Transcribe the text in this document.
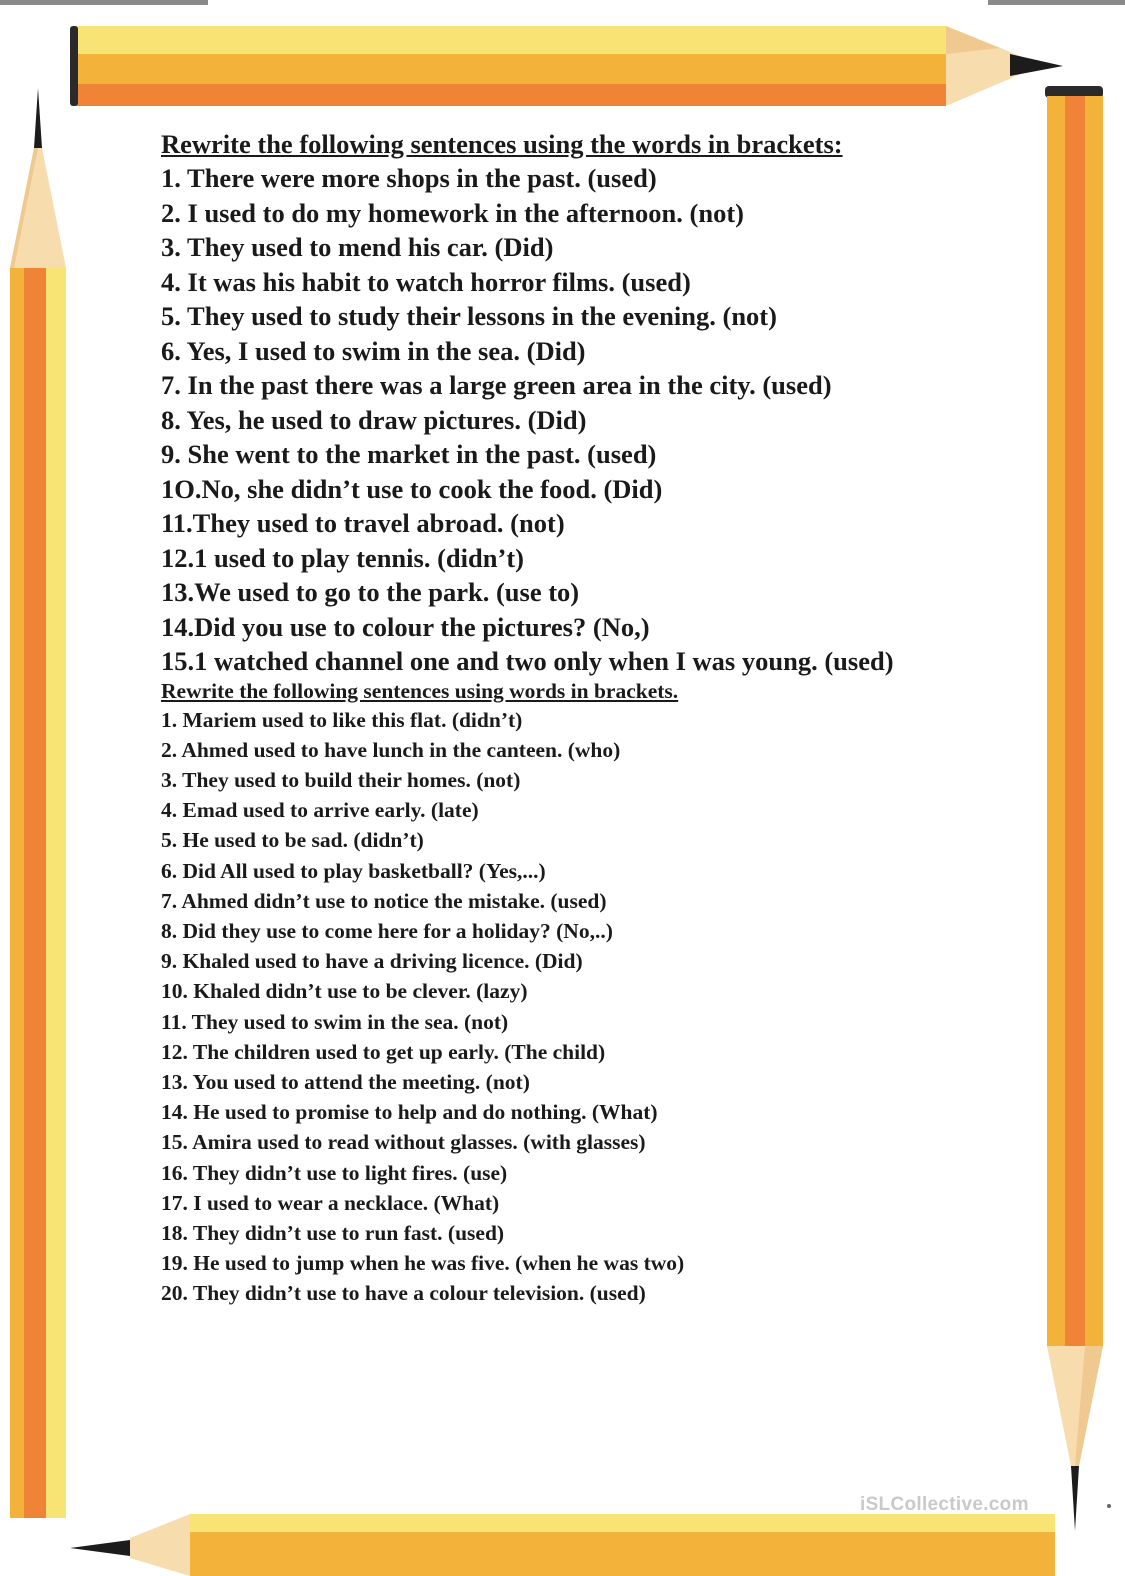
Rewrite the following sentences using the words in brackets:

1. There were more shops in the past. (used)
2. I used to do my homework in the afternoon. (not)
3. They used to mend his car. (Did)
4. It was his habit to watch horror films. (used)
5. They used to study their lessons in the evening. (not)
6. Yes, I used to swim in the sea. (Did)
7. In the past there was a large green area in the city. (used)
8. Yes, he used to draw pictures. (Did)
9. She went to the market in the past. (used)
1O.No, she didn’t use to cook the food. (Did)
11.They used to travel abroad. (not)
12.1 used to play tennis. (didn’t)
13.We used to go to the park. (use to)
14.Did you use to colour the pictures? (No,)
15.1 watched channel one and two only when I was young. (used)

Rewrite the following sentences using words in brackets.

1. Mariem used to like this flat. (didn’t)
2. Ahmed used to have lunch in the canteen. (who)
3. They used to build their homes. (not)
4. Emad used to arrive early. (late)
5. He used to be sad. (didn’t)
6. Did All used to play basketball? (Yes,...)
7. Ahmed didn’t use to notice the mistake. (used)
8. Did they use to come here for a holiday? (No,..)
9. Khaled used to have a driving licence. (Did)
10. Khaled didn’t use to be clever. (lazy)
11. They used to swim in the sea. (not)
12. The children used to get up early. (The child)
13. You used to attend the meeting. (not)
14. He used to promise to help and do nothing. (What)
15. Amira used to read without glasses. (with glasses)
16. They didn’t use to light fires. (use)
17. I used to wear a necklace. (What)
18. They didn’t use to run fast. (used)
19. He used to jump when he was five. (when he was two)
20. They didn’t use to have a colour television. (used)
iSLCollective.com
